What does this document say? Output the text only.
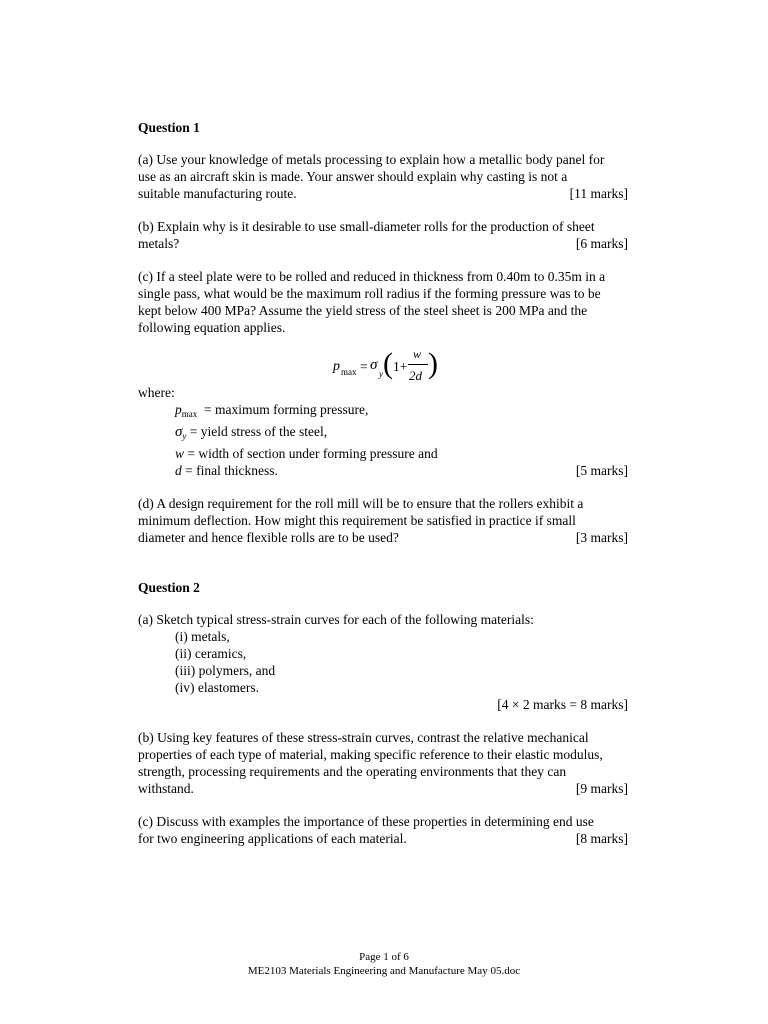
Question 1

(a) Use your knowledge of metals processing to explain how a metallic body panel for

use as an aircraft skin is made. Your answer should explain why casting is not a

suitable manufacturing route.	[11 marks]

(b) Explain why is it desirable to use small-diameter rolls for the production of sheet

metals?	[6 marks]

(c) If a steel plate were to be rolled and reduced in thickness from 0.40m to 0.35m in a

single pass, what would be the maximum roll radius if the forming pressure was to be

kept below 400 MPa? Assume the yield stress of the steel sheet is 200 MPa and the

following equation applies.

p max = σ
y ( 1+
w
2d )

where:

$p_{max}$  = maximum forming pressure,
$\sigma_y$ = yield stress of the steel,
w = width of section under forming pressure and
d = final thickness.	[5 marks]

(d) A design requirement for the roll mill will be to ensure that the rollers exhibit a

minimum deflection. How might this requirement be satisfied in practice if small

diameter and hence flexible rolls are to be used?	[3 marks]

Question 2

(a) Sketch typical stress-strain curves for each of the following materials:

(i) metals,
(ii) ceramics,
(iii) polymers, and
(iv) elastomers.
[4 × 2 marks = 8 marks]

(b) Using key features of these stress-strain curves, contrast the relative mechanical

properties of each type of material, making specific reference to their elastic modulus,

strength, processing requirements and the operating environments that they can

withstand.	[9 marks]

(c) Discuss with examples the importance of these properties in determining end use

for two engineering applications of each material.	[8 marks]
Page 1 of 6
ME2103 Materials Engineering and Manufacture May 05.doc
